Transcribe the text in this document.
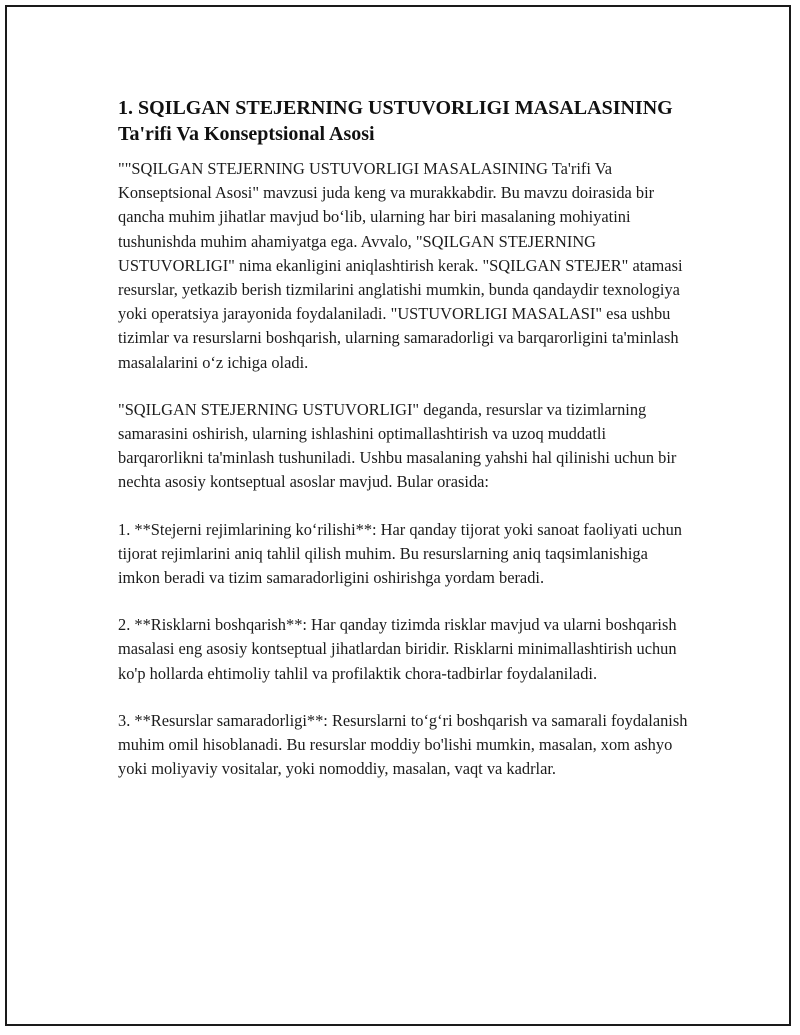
1. SQILGAN STEJERNING USTUVORLIGI MASALASINING Ta'rifi Va Konseptsional Asosi

""SQILGAN STEJERNING USTUVORLIGI MASALASINING Ta'rifi Va Konseptsional Asosi" mavzusi juda keng va murakkabdir. Bu mavzu doirasida bir qancha muhim jihatlar mavjud bo‘lib, ularning har biri masalaning mohiyatini tushunishda muhim ahamiyatga ega. Avvalo, "SQILGAN STEJERNING USTUVORLIGI" nima ekanligini aniqlashtirish kerak. "SQILGAN STEJER" atamasi resurslar, yetkazib berish tizmilarini anglatishi mumkin, bunda qandaydir texnologiya yoki operatsiya jarayonida foydalaniladi. "USTUVORLIGI MASALASI" esa ushbu tizimlar va resurslarni boshqarish, ularning samaradorligi va barqarorligini ta'minlash masalalarini o‘z ichiga oladi.

"SQILGAN STEJERNING USTUVORLIGI" deganda, resurslar va tizimlarning samarasini oshirish, ularning ishlashini optimallashtirish va uzoq muddatli barqarorlikni ta'minlash tushuniladi. Ushbu masalaning yahshi hal qilinishi uchun bir nechta asosiy kontseptual asoslar mavjud. Bular orasida:

1. **Stejerni rejimlarining ko‘rilishi**: Har qanday tijorat yoki sanoat faoliyati uchun tijorat rejimlarini aniq tahlil qilish muhim. Bu resurslarning aniq taqsimlanishiga imkon beradi va tizim samaradorligini oshirishga yordam beradi.

2. **Risklarni boshqarish**: Har qanday tizimda risklar mavjud va ularni boshqarish masalasi eng asosiy kontseptual jihatlardan biridir. Risklarni minimallashtirish uchun ko'p hollarda ehtimoliy tahlil va profilaktik chora-tadbirlar foydalaniladi.

3. **Resurslar samaradorligi**: Resurslarni to‘g‘ri boshqarish va samarali foydalanish muhim omil hisoblanadi. Bu resurslar moddiy bo'lishi mumkin, masalan, xom ashyo yoki moliyaviy vositalar, yoki nomoddiy, masalan, vaqt va kadrlar.
